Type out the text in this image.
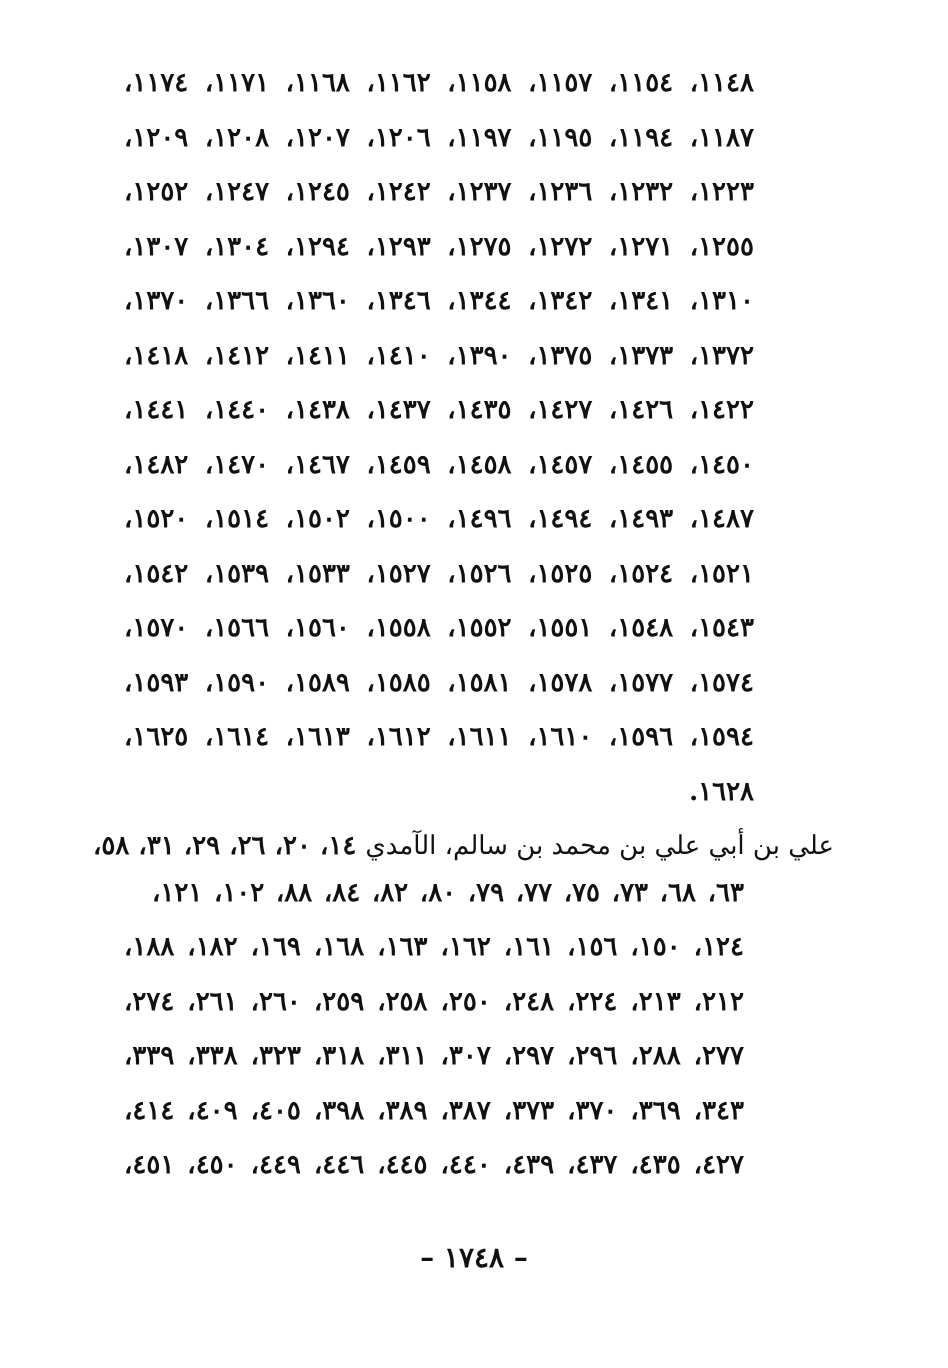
١١٤٨، ١١٥٤، ١١٥٧، ١١٥٨، ١١٦٢، ١١٦٨، ١١٧١، ١١٧٤،
١١٨٧، ١١٩٤، ١١٩٥، ١١٩٧، ١٢٠٦، ١٢٠٧، ١٢٠٨، ١٢٠٩،
١٢٢٣، ١٢٣٢، ١٢٣٦، ١٢٣٧، ١٢٤٢، ١٢٤٥، ١٢٤٧، ١٢٥٢،
١٢٥٥، ١٢٧١، ١٢٧٢، ١٢٧٥، ١٢٩٣، ١٢٩٤، ١٣٠٤، ١٣٠٧،
١٣١٠، ١٣٤١، ١٣٤٢، ١٣٤٤، ١٣٤٦، ١٣٦٠، ١٣٦٦، ١٣٧٠،
١٣٧٢، ١٣٧٣، ١٣٧٥، ١٣٩٠، ١٤١٠، ١٤١١، ١٤١٢، ١٤١٨،
١٤٢٢، ١٤٢٦، ١٤٢٧، ١٤٣٥، ١٤٣٧، ١٤٣٨، ١٤٤٠، ١٤٤١،
١٤٥٠، ١٤٥٥، ١٤٥٧، ١٤٥٨، ١٤٥٩، ١٤٦٧، ١٤٧٠، ١٤٨٢،
١٤٨٧، ١٤٩٣، ١٤٩٤، ١٤٩٦، ١٥٠٠، ١٥٠٢، ١٥١٤، ١٥٢٠،
١٥٢١، ١٥٢٤، ١٥٢٥، ١٥٢٦، ١٥٢٧، ١٥٣٣، ١٥٣٩، ١٥٤٢،
١٥٤٣، ١٥٤٨، ١٥٥١، ١٥٥٢، ١٥٥٨، ١٥٦٠، ١٥٦٦، ١٥٧٠،
١٥٧٤، ١٥٧٧، ١٥٧٨، ١٥٨١، ١٥٨٥، ١٥٨٩، ١٥٩٠، ١٥٩٣،
١٥٩٤، ١٥٩٦، ١٦١٠، ١٦١١، ١٦١٢، ١٦١٣، ١٦١٤، ١٦٢٥،
١٦٢٨.
علي بن أبي علي بن محمد بن سالم، الآمدي ١٤، ٢٠، ٢٦، ٢٩، ٣١، ٥٨،
٦٣، ٦٨، ٧٣، ٧٥، ٧٧، ٧٩، ٨٠، ٨٢، ٨٤، ٨٨، ١٠٢، ١٢١،
١٢٤، ١٥٠، ١٥٦، ١٦١، ١٦٢، ١٦٣، ١٦٨، ١٦٩، ١٨٢، ١٨٨،
٢١٢، ٢١٣، ٢٢٤، ٢٤٨، ٢٥٠، ٢٥٨، ٢٥٩، ٢٦٠، ٢٦١، ٢٧٤،
٢٧٧، ٢٨٨، ٢٩٦، ٢٩٧، ٣٠٧، ٣١١، ٣١٨، ٣٢٣، ٣٣٨، ٣٣٩،
٣٤٣، ٣٦٩، ٣٧٠، ٣٧٣، ٣٨٧، ٣٨٩، ٣٩٨، ٤٠٥، ٤٠٩، ٤١٤،
٤٢٧، ٤٣٥، ٤٣٧، ٤٣٩، ٤٤٠، ٤٤٥، ٤٤٦، ٤٤٩، ٤٥٠، ٤٥١،
– ١٧٤٨ –
